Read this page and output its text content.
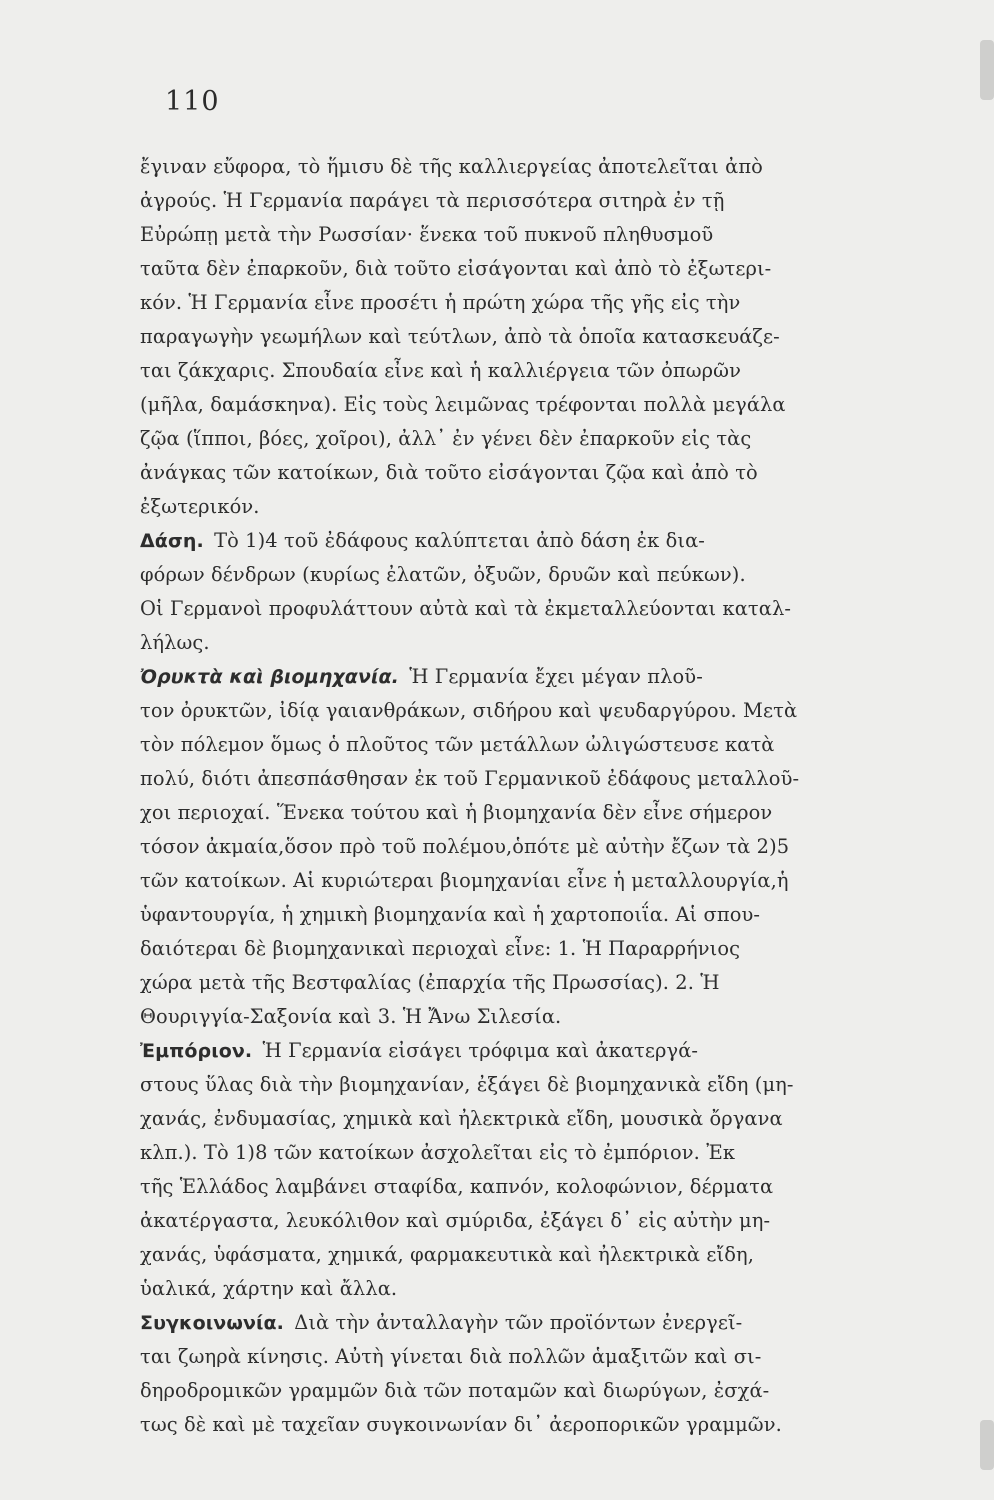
110
ἔγιναν εὔφορα, τὸ ἥμισυ δὲ τῆς καλλιεργείας ἀποτελεῖται ἀπὸ
ἀγρούς. Ἡ Γερμανία παράγει τὰ περισσότερα σιτηρὰ ἐν τῇ
Εὐρώπῃ μετὰ τὴν Ρωσσίαν· ἕνεκα τοῦ πυκνοῦ πληθυσμοῦ
ταῦτα δὲν ἐπαρκοῦν, διὰ τοῦτο εἰσάγονται καὶ ἀπὸ τὸ ἐξωτερι-
κόν. Ἡ Γερμανία εἶνε προσέτι ἡ πρώτη χώρα τῆς γῆς εἰς τὴν
παραγωγὴν γεωμήλων καὶ τεύτλων, ἀπὸ τὰ ὁποῖα κατασκευάζε-
ται ζάκχαρις. Σπουδαία εἶνε καὶ ἡ καλλιέργεια τῶν ὀπωρῶν
(μῆλα, δαμάσκηνα). Εἰς τοὺς λειμῶνας τρέφονται πολλὰ μεγάλα
ζῷα (ἵπποι, βόες, χοῖροι), ἀλλ᾽ ἐν γένει δὲν ἐπαρκοῦν εἰς τὰς
ἀνάγκας τῶν κατοίκων, διὰ τοῦτο εἰσάγονται ζῷα καὶ ἀπὸ τὸ
ἐξωτερικόν.
Δάση. Τὸ 1)4 τοῦ ἐδάφους καλύπτεται ἀπὸ δάση ἐκ δια-
φόρων δένδρων (κυρίως ἐλατῶν, ὀξυῶν, δρυῶν καὶ πεύκων).
Οἱ Γερμανοὶ προφυλάττουν αὐτὰ καὶ τὰ ἐκμεταλλεύονται καταλ-
λήλως.
Ὀρυκτὰ καὶ βιομηχανία. Ἡ Γερμανία ἔχει μέγαν πλοῦ-
τον ὀρυκτῶν, ἰδίᾳ γαιανθράκων, σιδήρου καὶ ψευδαργύρου. Μετὰ
τὸν πόλεμον ὅμως ὁ πλοῦτος τῶν μετάλλων ὠλιγώστευσε κατὰ
πολύ, διότι ἀπεσπάσθησαν ἐκ τοῦ Γερμανικοῦ ἐδάφους μεταλλοῦ-
χοι περιοχαί. Ἕνεκα τούτου καὶ ἡ βιομηχανία δὲν εἶνε σήμερον
τόσον ἀκμαία,ὅσον πρὸ τοῦ πολέμου,ὁπότε μὲ αὐτὴν ἔζων τὰ 2)5
τῶν κατοίκων. Αἱ κυριώτεραι βιομηχανίαι εἶνε ἡ μεταλλουργία,ἡ
ὑφαντουργία, ἡ χημικὴ βιομηχανία καὶ ἡ χαρτοποιΐα. Αἱ σπου-
δαιότεραι δὲ βιομηχανικαὶ περιοχαὶ εἶνε: 1. Ἡ Παραρρήνιος
χώρα μετὰ τῆς Βεστφαλίας (ἐπαρχία τῆς Πρωσσίας). 2. Ἡ
Θουριγγία-Σαξονία καὶ 3. Ἡ Ἄνω Σιλεσία.
Ἐμπόριον. Ἡ Γερμανία εἰσάγει τρόφιμα καὶ ἀκατεργά-
στους ὕλας διὰ τὴν βιομηχανίαν, ἐξάγει δὲ βιομηχανικὰ εἴδη (μη-
χανάς, ἐνδυμασίας, χημικὰ καὶ ἠλεκτρικὰ εἴδη, μουσικὰ ὄργανα
κλπ.). Τὸ 1)8 τῶν κατοίκων ἀσχολεῖται εἰς τὸ ἐμπόριον. Ἐκ
τῆς Ἑλλάδος λαμβάνει σταφίδα, καπνόν, κολοφώνιον, δέρματα
ἀκατέργαστα, λευκόλιθον καὶ σμύριδα, ἐξάγει δ᾽ εἰς αὐτὴν μη-
χανάς, ὑφάσματα, χημικά, φαρμακευτικὰ καὶ ἠλεκτρικὰ εἴδη,
ὑαλικά, χάρτην καὶ ἄλλα.
Συγκοινωνία. Διὰ τὴν ἀνταλλαγὴν τῶν προϊόντων ἐνεργεῖ-
ται ζωηρὰ κίνησις. Αὐτὴ γίνεται διὰ πολλῶν ἁμαξιτῶν καὶ σι-
δηροδρομικῶν γραμμῶν διὰ τῶν ποταμῶν καὶ διωρύγων, ἐσχά-
τως δὲ καὶ μὲ ταχεῖαν συγκοινωνίαν δι᾽ ἀεροπορικῶν γραμμῶν.
